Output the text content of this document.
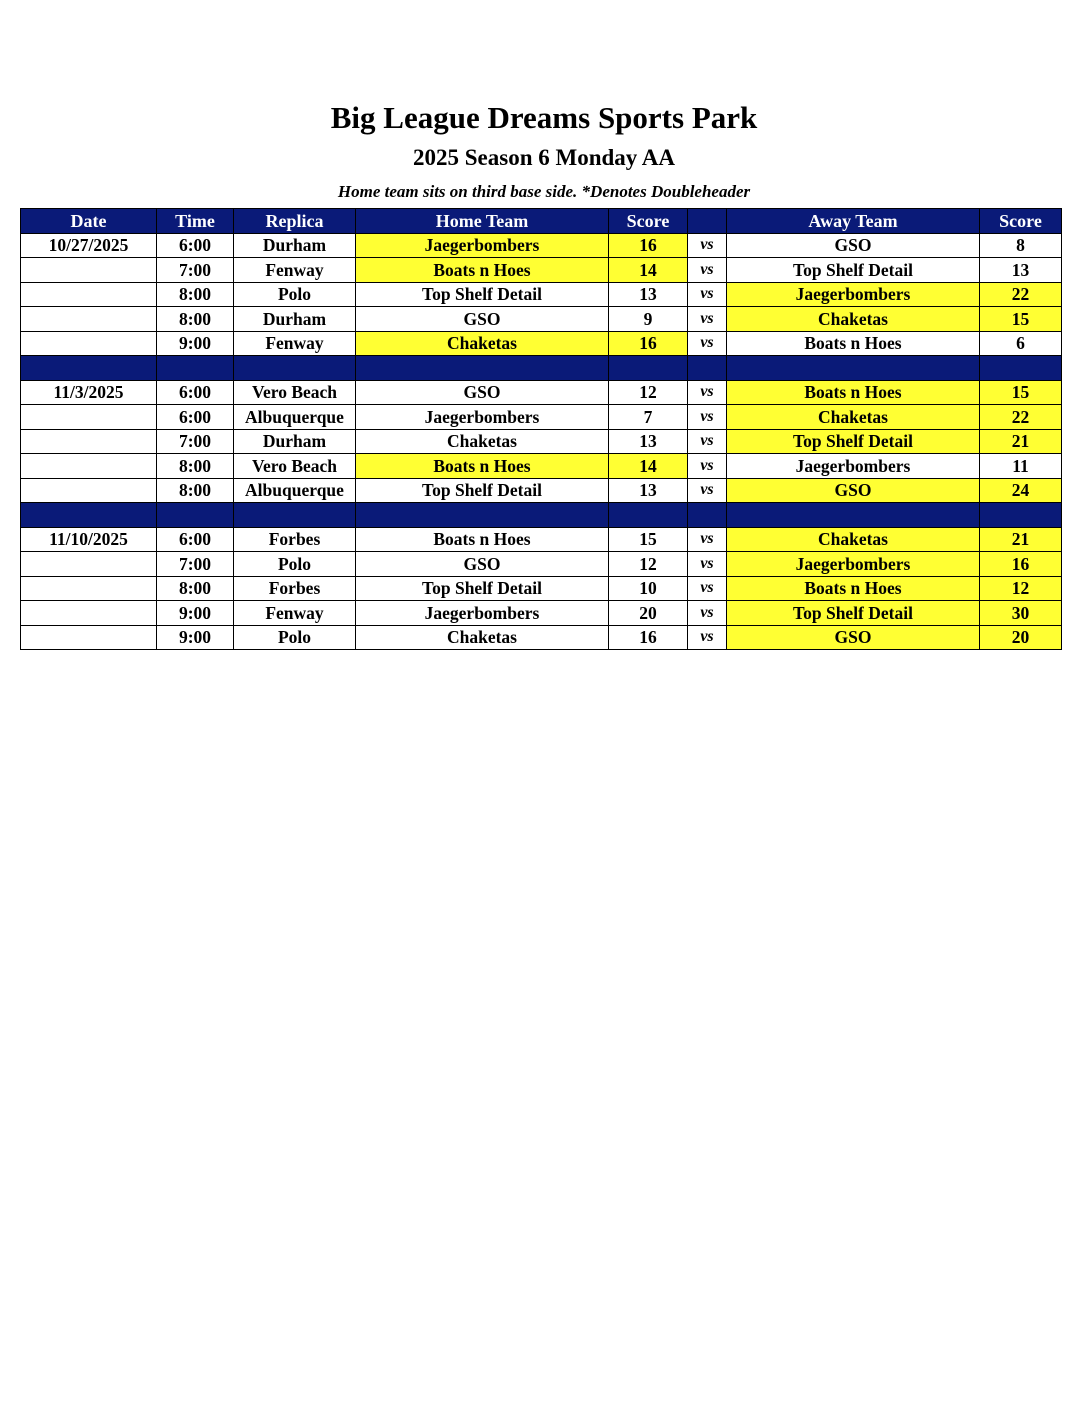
Big League Dreams Sports Park
2025 Season 6 Monday AA
Home team sits on third base side. *Denotes Doubleheader
Date	Time	Replica	Home Team	Score		Away Team	Score
10/27/2025	6:00	Durham	Jaegerbombers	16	vs	GSO	8
	7:00	Fenway	Boats n Hoes	14	vs	Top Shelf Detail	13
	8:00	Polo	Top Shelf Detail	13	vs	Jaegerbombers	22
	8:00	Durham	GSO	9	vs	Chaketas	15
	9:00	Fenway	Chaketas	16	vs	Boats n Hoes	6

11/3/2025	6:00	Vero Beach	GSO	12	vs	Boats n Hoes	15
	6:00	Albuquerque	Jaegerbombers	7	vs	Chaketas	22
	7:00	Durham	Chaketas	13	vs	Top Shelf Detail	21
	8:00	Vero Beach	Boats n Hoes	14	vs	Jaegerbombers	11
	8:00	Albuquerque	Top Shelf Detail	13	vs	GSO	24

11/10/2025	6:00	Forbes	Boats n Hoes	15	vs	Chaketas	21
	7:00	Polo	GSO	12	vs	Jaegerbombers	16
	8:00	Forbes	Top Shelf Detail	10	vs	Boats n Hoes	12
	9:00	Fenway	Jaegerbombers	20	vs	Top Shelf Detail	30
	9:00	Polo	Chaketas	16	vs	GSO	20
